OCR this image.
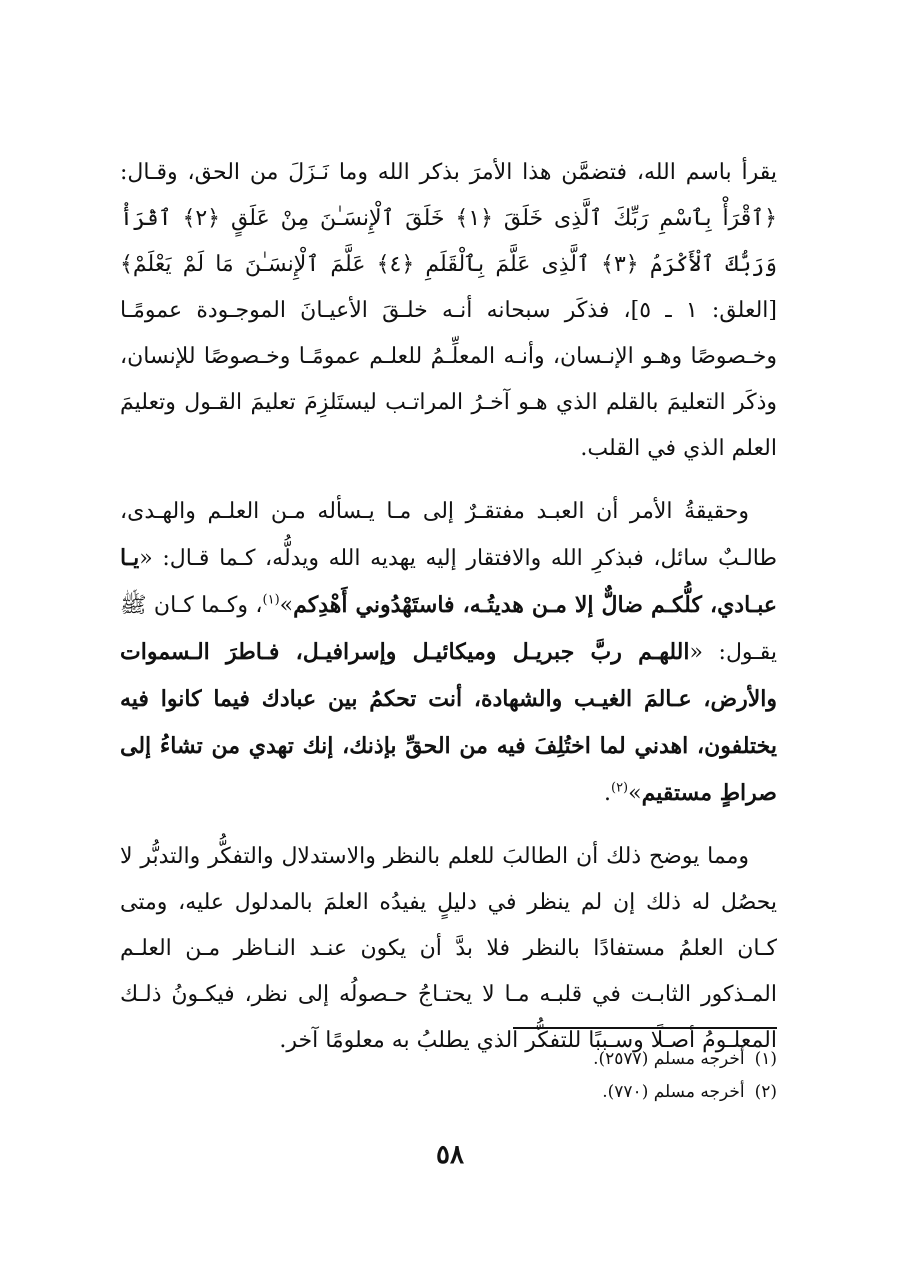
يقرأ باسم الله، فتضمَّن هذا الأمرَ بذكر الله وما نَـزَلَ من الحق، وقـال: ﴿ٱقْرَأْ بِٱسْمِ رَبِّكَ ٱلَّذِى خَلَقَ ﴿١﴾ خَلَقَ ٱلْإِنسَـٰنَ مِنْ عَلَقٍ ﴿٢﴾ ٱقْرَأْ وَرَبُّكَ ٱلْأَكْرَمُ ﴿٣﴾ ٱلَّذِى عَلَّمَ بِٱلْقَلَمِ ﴿٤﴾ عَلَّمَ ٱلْإِنسَـٰنَ مَا لَمْ يَعْلَمْ﴾ [العلق: ١ ـ ٥]، فذكَر سبحانه أنـه خلـقَ الأعيـانَ الموجـودة عمومًـا وخـصوصًا وهـو الإنـسان، وأنـه المعلِّـمُ للعلـم عمومًـا وخـصوصًا للإنسان، وذكَر التعليمَ بالقلم الذي هـو آخـرُ المراتـب ليستَلزِمَ تعليمَ القـول وتعليمَ العلم الذي في القلب.

وحقيقةُ الأمر أن العبـد مفتقـرٌ إلى مـا يـسأله مـن العلـم والهـدى، طالـبٌ سائل، فبذكرِ الله والافتقار إليه يهديه الله ويدلُّه، كـما قـال: «يـا عبـادي، كلُّكـم ضالٌّ إلا مـن هديتُـه، فاستَهْدُوني أَهْدِكم»$^{(١)}$، وكـما كـان ﷺ يقـول: «اللهـم ربَّ جبريـل وميكائيـل وإسرافيـل، فـاطرَ الـسموات والأرض، عـالمَ الغيـب والشهادة، أنت تحكمُ بين عبادك فيما كانوا فيه يختلفون، اهدني لما اختُلِفَ فيه من الحقِّ بإذنك، إنك تهدي من تشاءُ إلى صراطٍ مستقيم»$^{(٢)}$.

ومما يوضح ذلك أن الطالبَ للعلم بالنظر والاستدلال والتفكُّر والتدبُّر لا يحصُل له ذلك إن لم ينظر في دليلٍ يفيدُه العلمَ بالمدلول عليه، ومتى كـان العلمُ مستفادًا بالنظر فلا بدَّ أن يكون عنـد النـاظر مـن العلـم المـذكور الثابـت في قلبـه مـا لا يحتـاجُ حـصولُه إلى نظر، فيكـونُ ذلـك المعلـومُ أصـلًا وسـببًا للتفكُّر الذي يطلبُ به معلومًا آخر.

(١)أخرجه مسلم (٢٥٧٧).

(٢)أخرجه مسلم (٧٧٠).

٥٨
